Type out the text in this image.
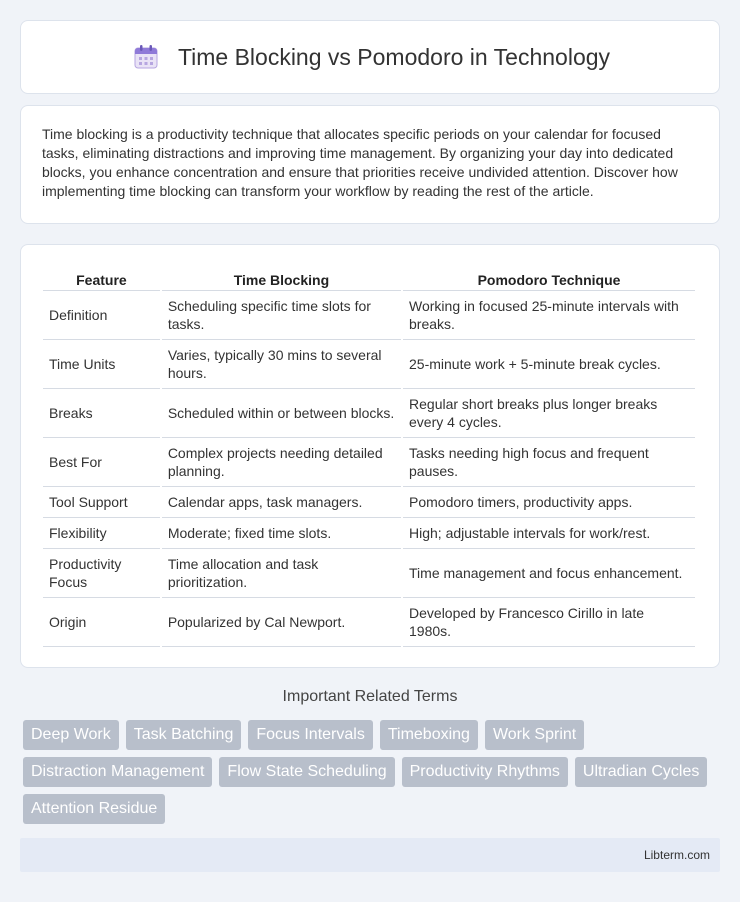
Time Blocking vs Pomodoro in Technology

Time blocking is a productivity technique that allocates specific periods on your calendar for focused tasks, eliminating distractions and improving time management. By organizing your day into dedicated blocks, you enhance concentration and ensure that priorities receive undivided attention. Discover how implementing time blocking can transform your workflow by reading the rest of the article.

Feature	Time Blocking	Pomodoro Technique
Definition	Scheduling specific time slots for tasks.	Working in focused 25-minute intervals with breaks.
Time Units	Varies, typically 30 mins to several hours.	25-minute work + 5-minute break cycles.
Breaks	Scheduled within or between blocks.	Regular short breaks plus longer breaks every 4 cycles.
Best For	Complex projects needing detailed planning.	Tasks needing high focus and frequent pauses.
Tool Support	Calendar apps, task managers.	Pomodoro timers, productivity apps.
Flexibility	Moderate; fixed time slots.	High; adjustable intervals for work/rest.
Productivity Focus	Time allocation and task prioritization.	Time management and focus enhancement.
Origin	Popularized by Cal Newport.	Developed by Francesco Cirillo in late 1980s.
Important Related Terms
Deep Work	Task Batching	Focus Intervals	Timeboxing	Work Sprint
Distraction Management	Flow State Scheduling	Productivity Rhythms	Ultradian Cycles
Attention Residue
Libterm.com
